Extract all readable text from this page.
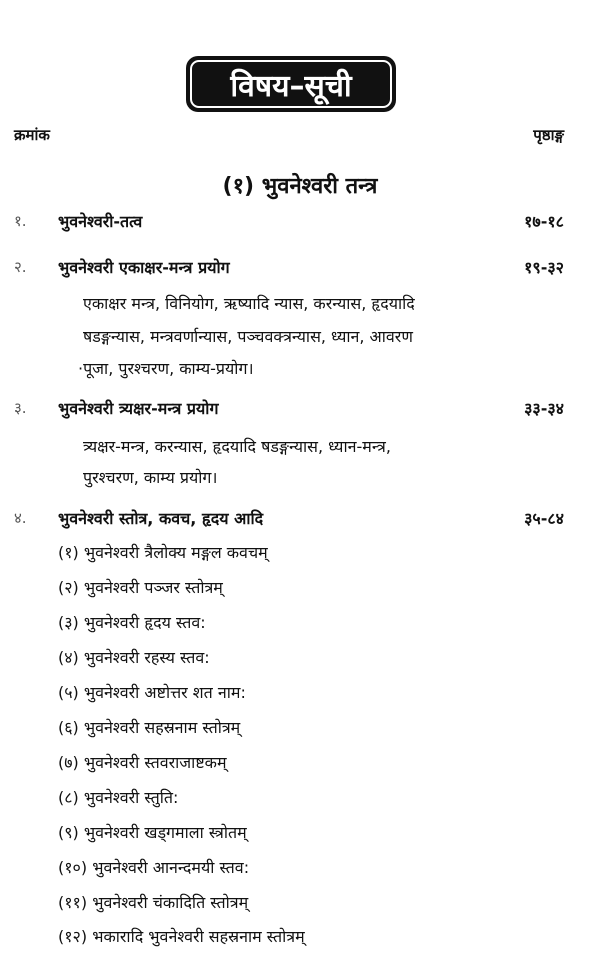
विषय–सूची
क्रमांक	पृष्ठाङ्ग
(१) भुवनेश्वरी तन्त्र
१. भुवनेश्वरी-तत्व	१७-१८
२. भुवनेश्वरी एकाक्षर-मन्त्र प्रयोग	१९-३२
एकाक्षर मन्त्र, विनियोग, ऋष्यादि न्यास, करन्यास, हृदयादि
षडङ्गन्यास, मन्त्रवर्णान्यास, पञ्चवक्त्रन्यास, ध्यान, आवरण
·पूजा, पुरश्चरण, काम्य-प्रयोग।
३. भुवनेश्वरी त्र्यक्षर-मन्त्र प्रयोग	३३-३४
त्र्यक्षर-मन्त्र, करन्यास, हृदयादि षडङ्गन्यास, ध्यान-मन्त्र,
पुरश्चरण, काम्य प्रयोग।
४. भुवनेश्वरी स्तोत्र, कवच, हृदय आदि	३५-८४
(१) भुवनेश्वरी त्रैलोक्य मङ्गल कवचम्
(२) भुवनेश्वरी पञ्जर स्तोत्रम्
(३) भुवनेश्वरी हृदय स्तव:
(४) भुवनेश्वरी रहस्य स्तव:
(५) भुवनेश्वरी अष्टोत्तर शत नाम:
(६) भुवनेश्वरी सहस्रनाम स्तोत्रम्
(७) भुवनेश्वरी स्तवराजाष्टकम्
(८) भुवनेश्वरी स्तुति:
(९) भुवनेश्वरी खड्गमाला स्त्रोतम्
(१०) भुवनेश्वरी आनन्दमयी स्तव:
(११) भुवनेश्वरी चंकादिति स्तोत्रम्
(१२) भकारादि भुवनेश्वरी सहस्रनाम स्तोत्रम्
